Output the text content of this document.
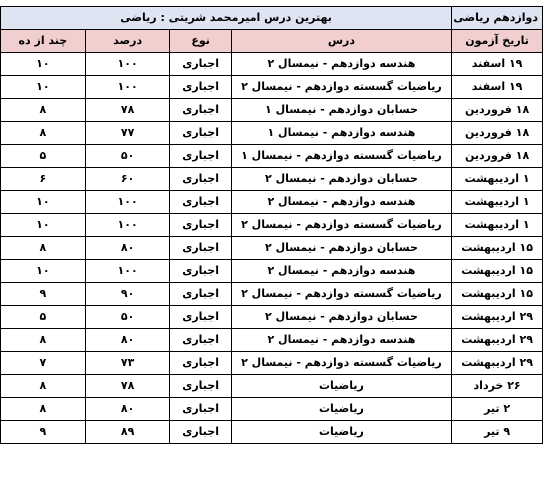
دوازدهم ریاضی	بهترین درس امیرمحمد شریتی : ریاضی			
تاریخ آزمون	درس	نوع	درصد	چند از ده
۱۹ اسفند	هندسه دوازدهم - نیمسال ۲	اجباری	۱۰۰	۱۰
۱۹ اسفند	ریاضیات گسسته دوازدهم - نیمسال ۲	اجباری	۱۰۰	۱۰
۱۸ فروردین	حسابان دوازدهم - نیمسال ۱	اجباری	۷۸	۸
۱۸ فروردین	هندسه دوازدهم - نیمسال ۱	اجباری	۷۷	۸
۱۸ فروردین	ریاضیات گسسته دوازدهم - نیمسال ۱	اجباری	۵۰	۵
۱ اردیبهشت	حسابان دوازدهم - نیمسال ۲	اجباری	۶۰	۶
۱ اردیبهشت	هندسه دوازدهم - نیمسال ۲	اجباری	۱۰۰	۱۰
۱ اردیبهشت	ریاضیات گسسته دوازدهم - نیمسال ۲	اجباری	۱۰۰	۱۰
۱۵ اردیبهشت	حسابان دوازدهم - نیمسال ۲	اجباری	۸۰	۸
۱۵ اردیبهشت	هندسه دوازدهم - نیمسال ۲	اجباری	۱۰۰	۱۰
۱۵ اردیبهشت	ریاضیات گسسته دوازدهم - نیمسال ۲	اجباری	۹۰	۹
۲۹ اردیبهشت	حسابان دوازدهم - نیمسال ۲	اجباری	۵۰	۵
۲۹ اردیبهشت	هندسه دوازدهم - نیمسال ۲	اجباری	۸۰	۸
۲۹ اردیبهشت	ریاضیات گسسته دوازدهم - نیمسال ۲	اجباری	۷۳	۷
۲۶ خرداد	ریاضیات	اجباری	۷۸	۸
۲ تیر	ریاضیات	اجباری	۸۰	۸
۹ تیر	ریاضیات	اجباری	۸۹	۹
